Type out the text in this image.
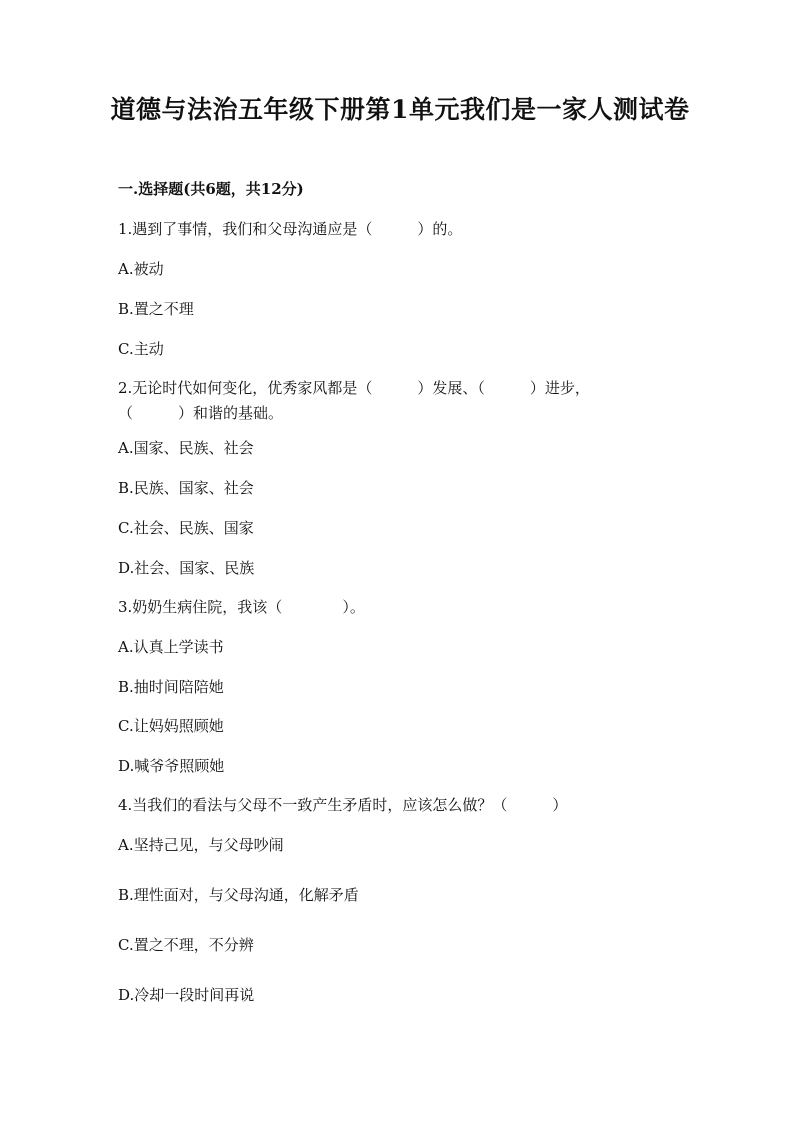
道德与法治五年级下册第1单元我们是一家人测试卷
一.选择题(共6题，共12分)
1.遇到了事情，我们和父母沟通应是（　　　）的。
A.被动
B.置之不理
C.主动
2.无论时代如何变化，优秀家风都是（　　　）发展、（　　　）进步，（　　　）和谐的基础。
A.国家、民族、社会
B.民族、国家、社会
C.社会、民族、国家
D.社会、国家、民族
3.奶奶生病住院，我该（　　　　）。
A.认真上学读书
B.抽时间陪陪她
C.让妈妈照顾她
D.喊爷爷照顾她
4.当我们的看法与父母不一致产生矛盾时，应该怎么做？（　　　）
A.坚持己见，与父母吵闹
B.理性面对，与父母沟通，化解矛盾
C.置之不理，不分辨
D.冷却一段时间再说
